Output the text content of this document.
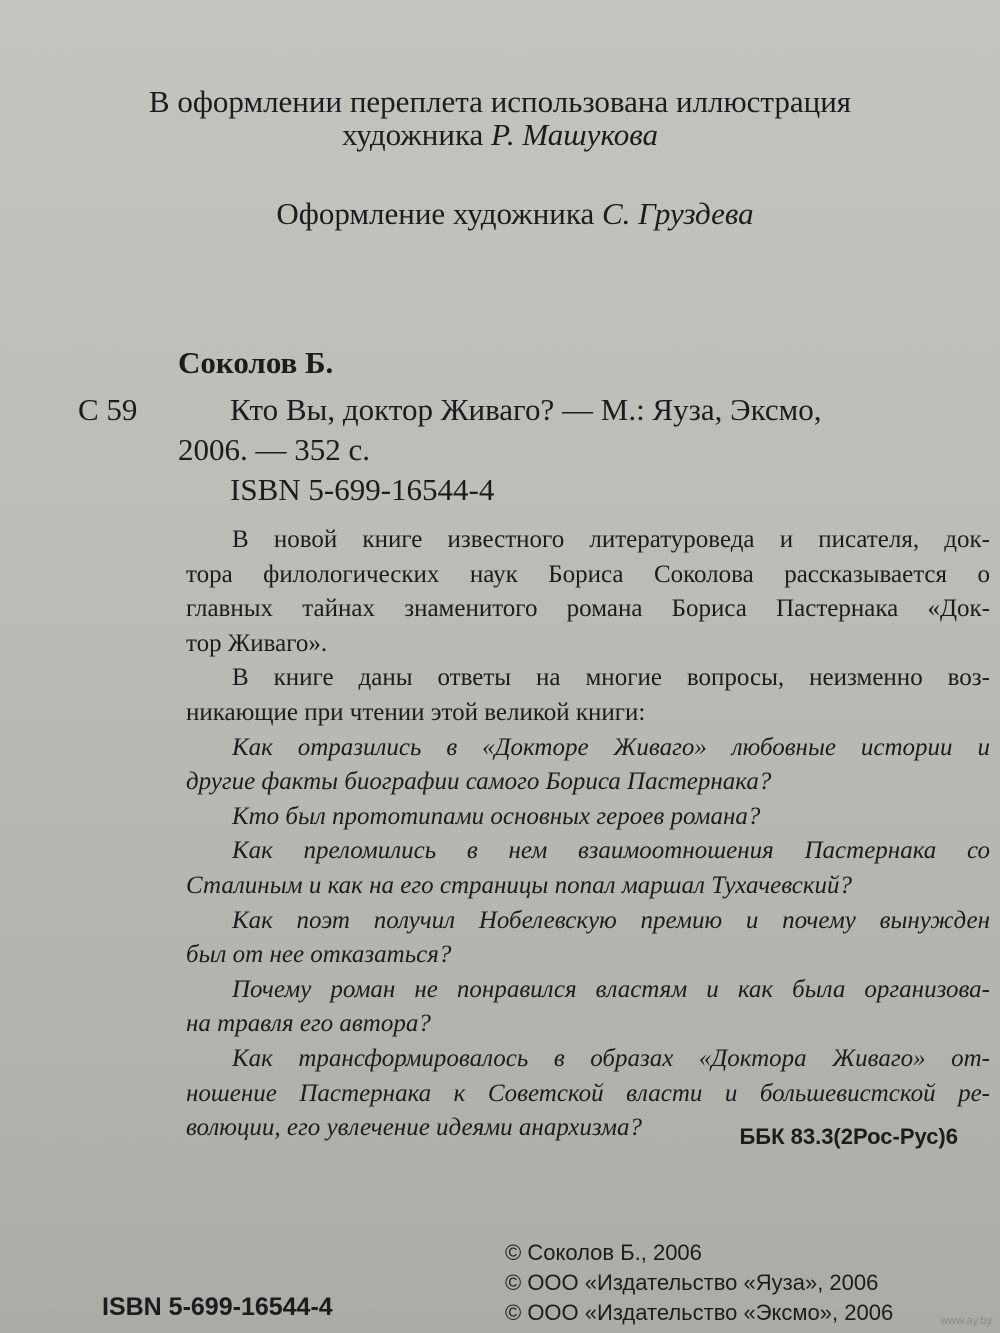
В оформлении переплета использована иллюстрация
художника Р. Машукова
Оформление художника С. Груздева
Соколов Б.
С 59	Кто Вы, доктор Живаго? — М.: Яуза, Эксмо,
2006. — 352 с.
ISBN 5-699-16544-4
В новой книге известного литературоведа и писателя, док-
тора филологических наук Бориса Соколова рассказывается о
главных тайнах знаменитого романа Бориса Пастернака «Док-
тор Живаго».
В книге даны ответы на многие вопросы, неизменно воз-
никающие при чтении этой великой книги:
Как отразились в «Докторе Живаго» любовные истории и
другие факты биографии самого Бориса Пастернака?
Кто был прототипами основных героев романа?
Как преломились в нем взаимоотношения Пастернака со
Сталиным и как на его страницы попал маршал Тухачевский?
Как поэт получил Нобелевскую премию и почему вынужден
был от нее отказаться?
Почему роман не понравился властям и как была организова-
на травля его автора?
Как трансформировалось в образах «Доктора Живаго» от-
ношение Пастернака к Советской власти и большевистской ре-
волюции, его увлечение идеями анархизма?	ББК 83.3(2Рос-Рус)6
© Соколов Б., 2006
© ООО «Издательство «Яуза», 2006
© ООО «Издательство «Эксмо», 2006
ISBN 5-699-16544-4	www.ay.by
